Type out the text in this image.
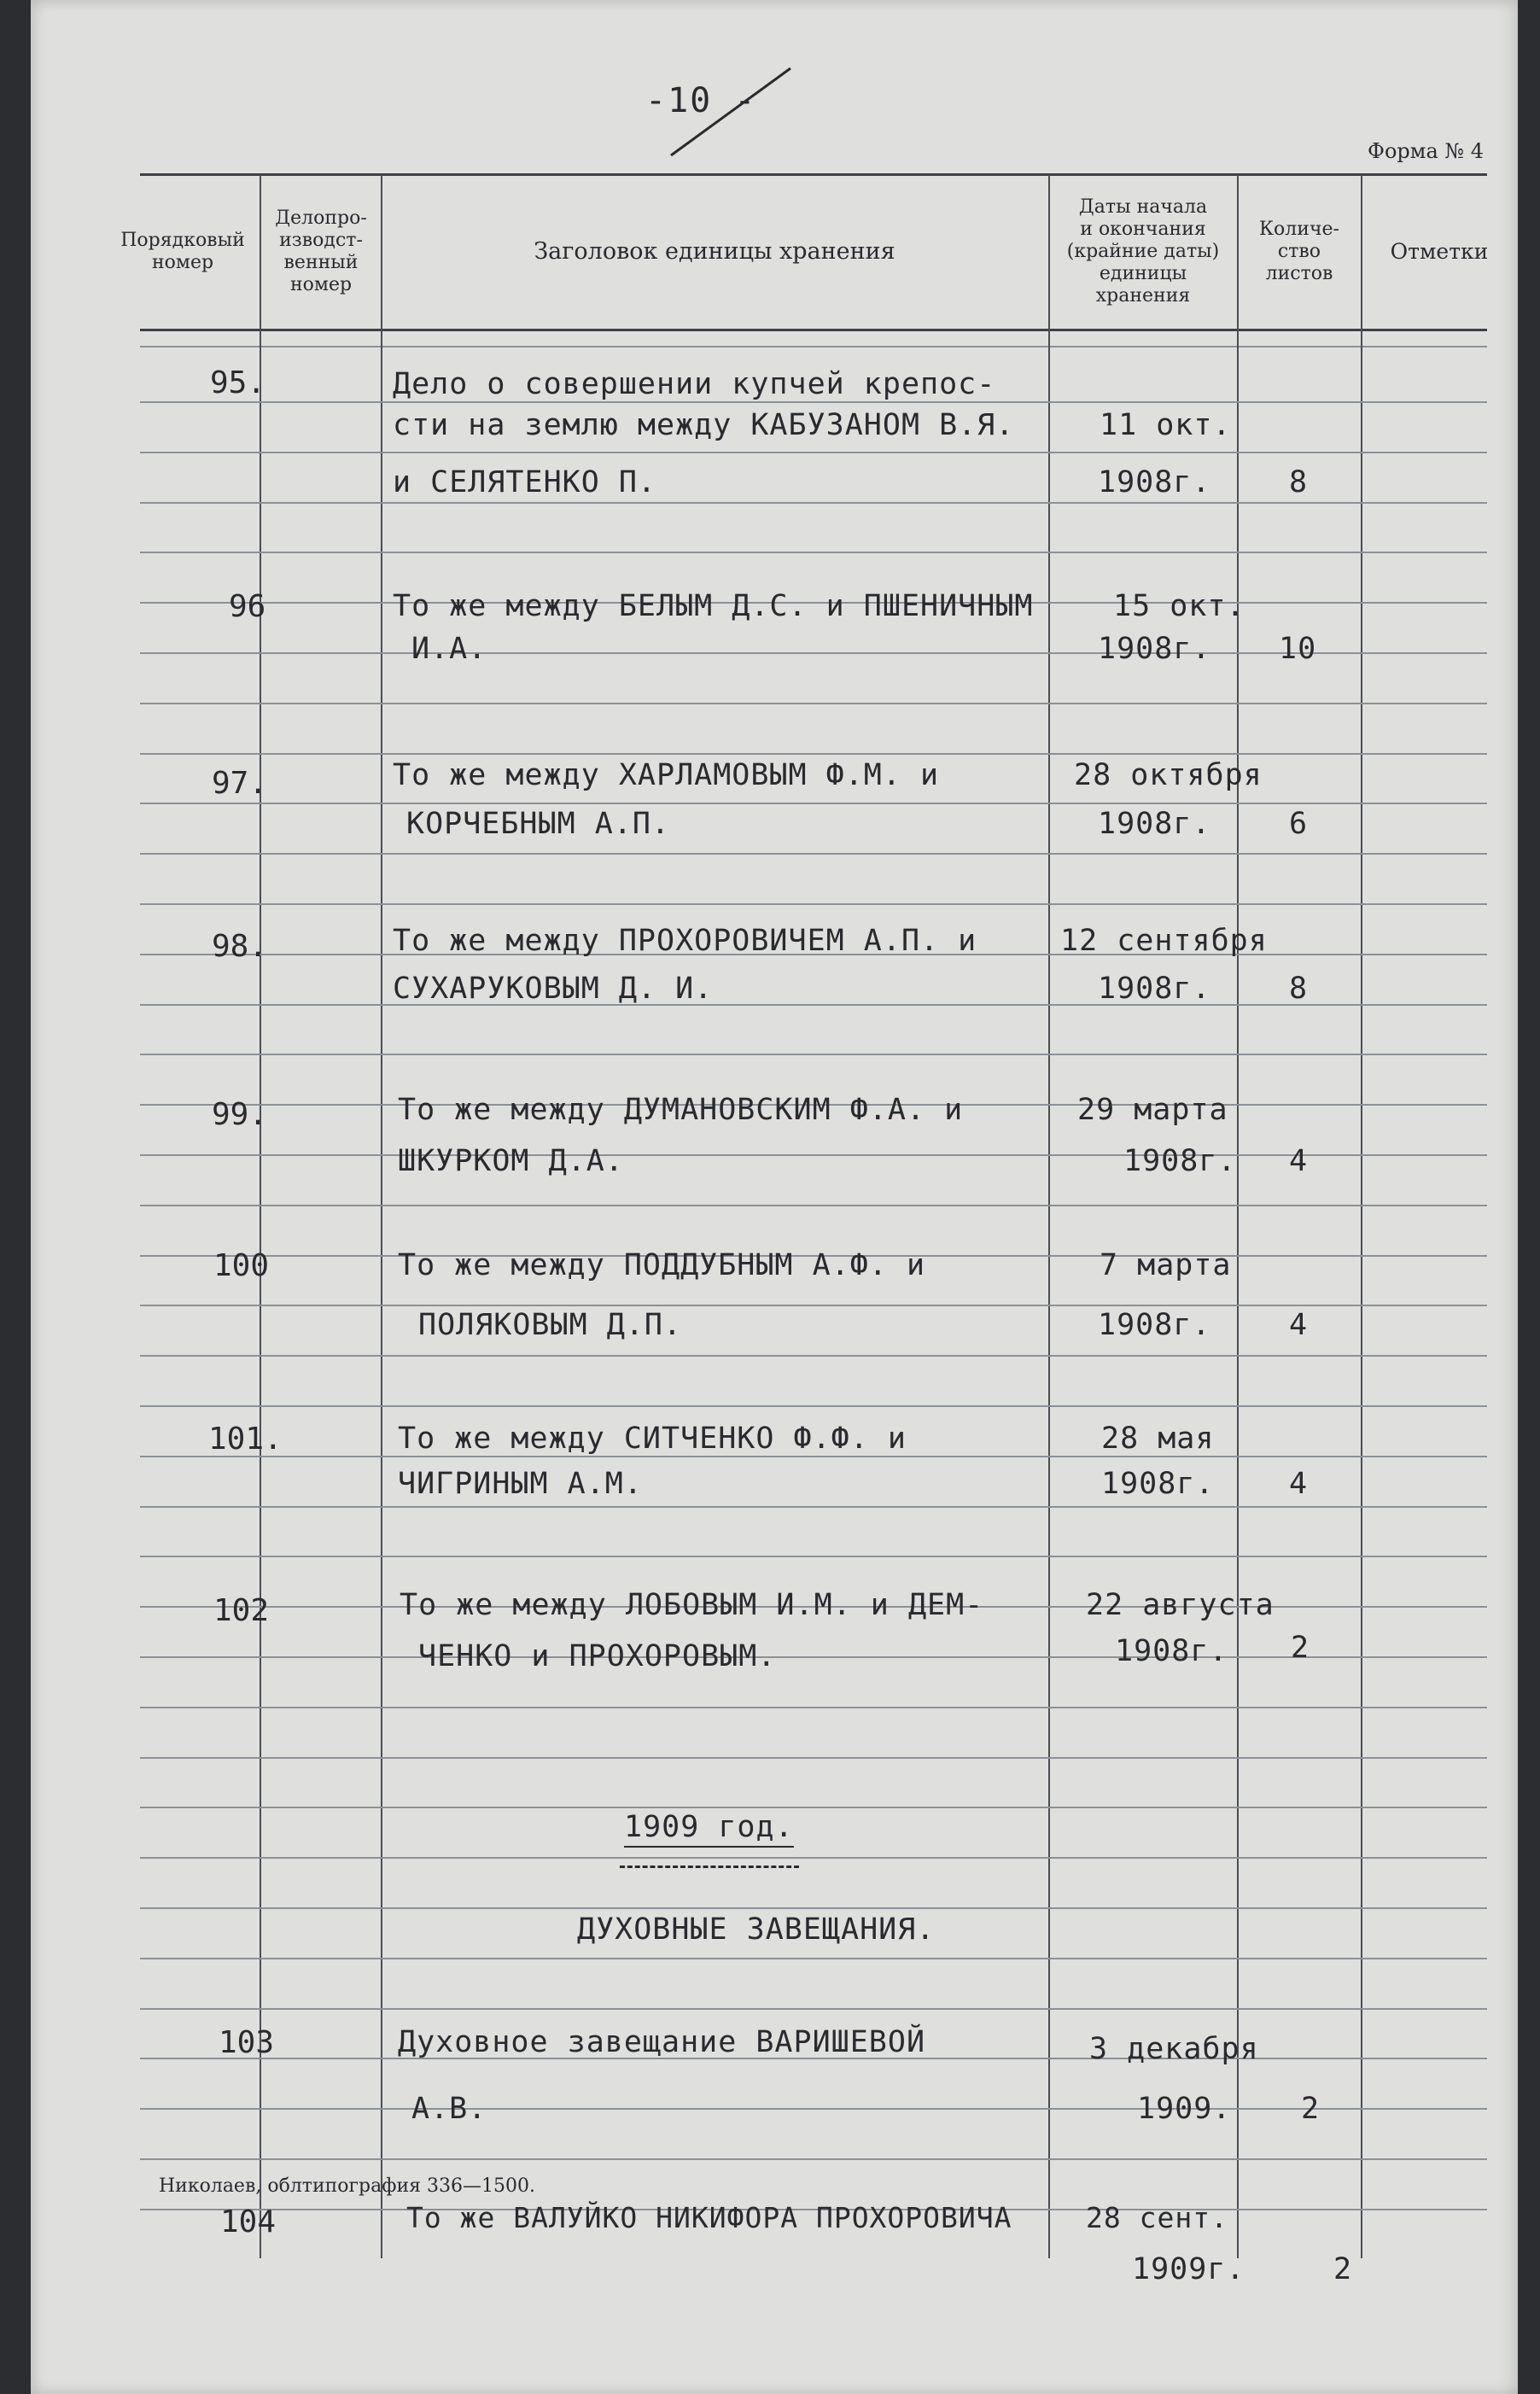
-10 -
Форма № 4
Порядковый
номер
Делопро-
изводст-
венный
номер
Заголовок единицы хранения
Даты начала
и окончания
(крайние даты)
единицы
хранения
Количе-
ство
листов
Отметки
95.	Дело о совершении купчей крепос-
сти на землю между КАБУЗАНОМ В.Я.	11 окт.
и СЕЛЯТЕНКО П.	1908г.	8
96	То же между БЕЛЫМ Д.С. и ПШЕНИЧНЫМ	15 окт.
И.А.	1908г. 10
97.	То же между ХАРЛАМОВЫМ Ф.М. и	28 октября
КОРЧЕБНЫМ А.П.	1908г.	6
98.	То же между ПРОХОРОВИЧЕМ А.П. и	12 сентября
СУХАРУКОВЫМ Д. И.	1908г.	8
99.	То же между ДУМАНОВСКИМ Ф.А. и	29 марта
ШКУРКОМ Д.А.	1908г. 4
100	То же между ПОДДУБНЫМ А.Ф. и	7 марта
ПОЛЯКОВЫМ Д.П.	1908г.	4
101.	То же между СИТЧЕНКО Ф.Ф. и	28 мая
ЧИГРИНЫМ А.М.	1908г.	4
102	То же между ЛОБОВЫМ И.М. и ДЕМ-	22 августа
ЧЕНКО и ПРОХОРОВЫМ.	1908г. 2
1909 год.
ДУХОВНЫЕ ЗАВЕЩАНИЯ.
103	Духовное завещание ВАРИШЕВОЙ	3 декабря
А.В.	1909. 2
104	То же ВАЛУЙКО НИКИФОРА ПРОХОРОВИЧА	28 сент.
1909г.	2
Николаев, облтипография 336—1500.
